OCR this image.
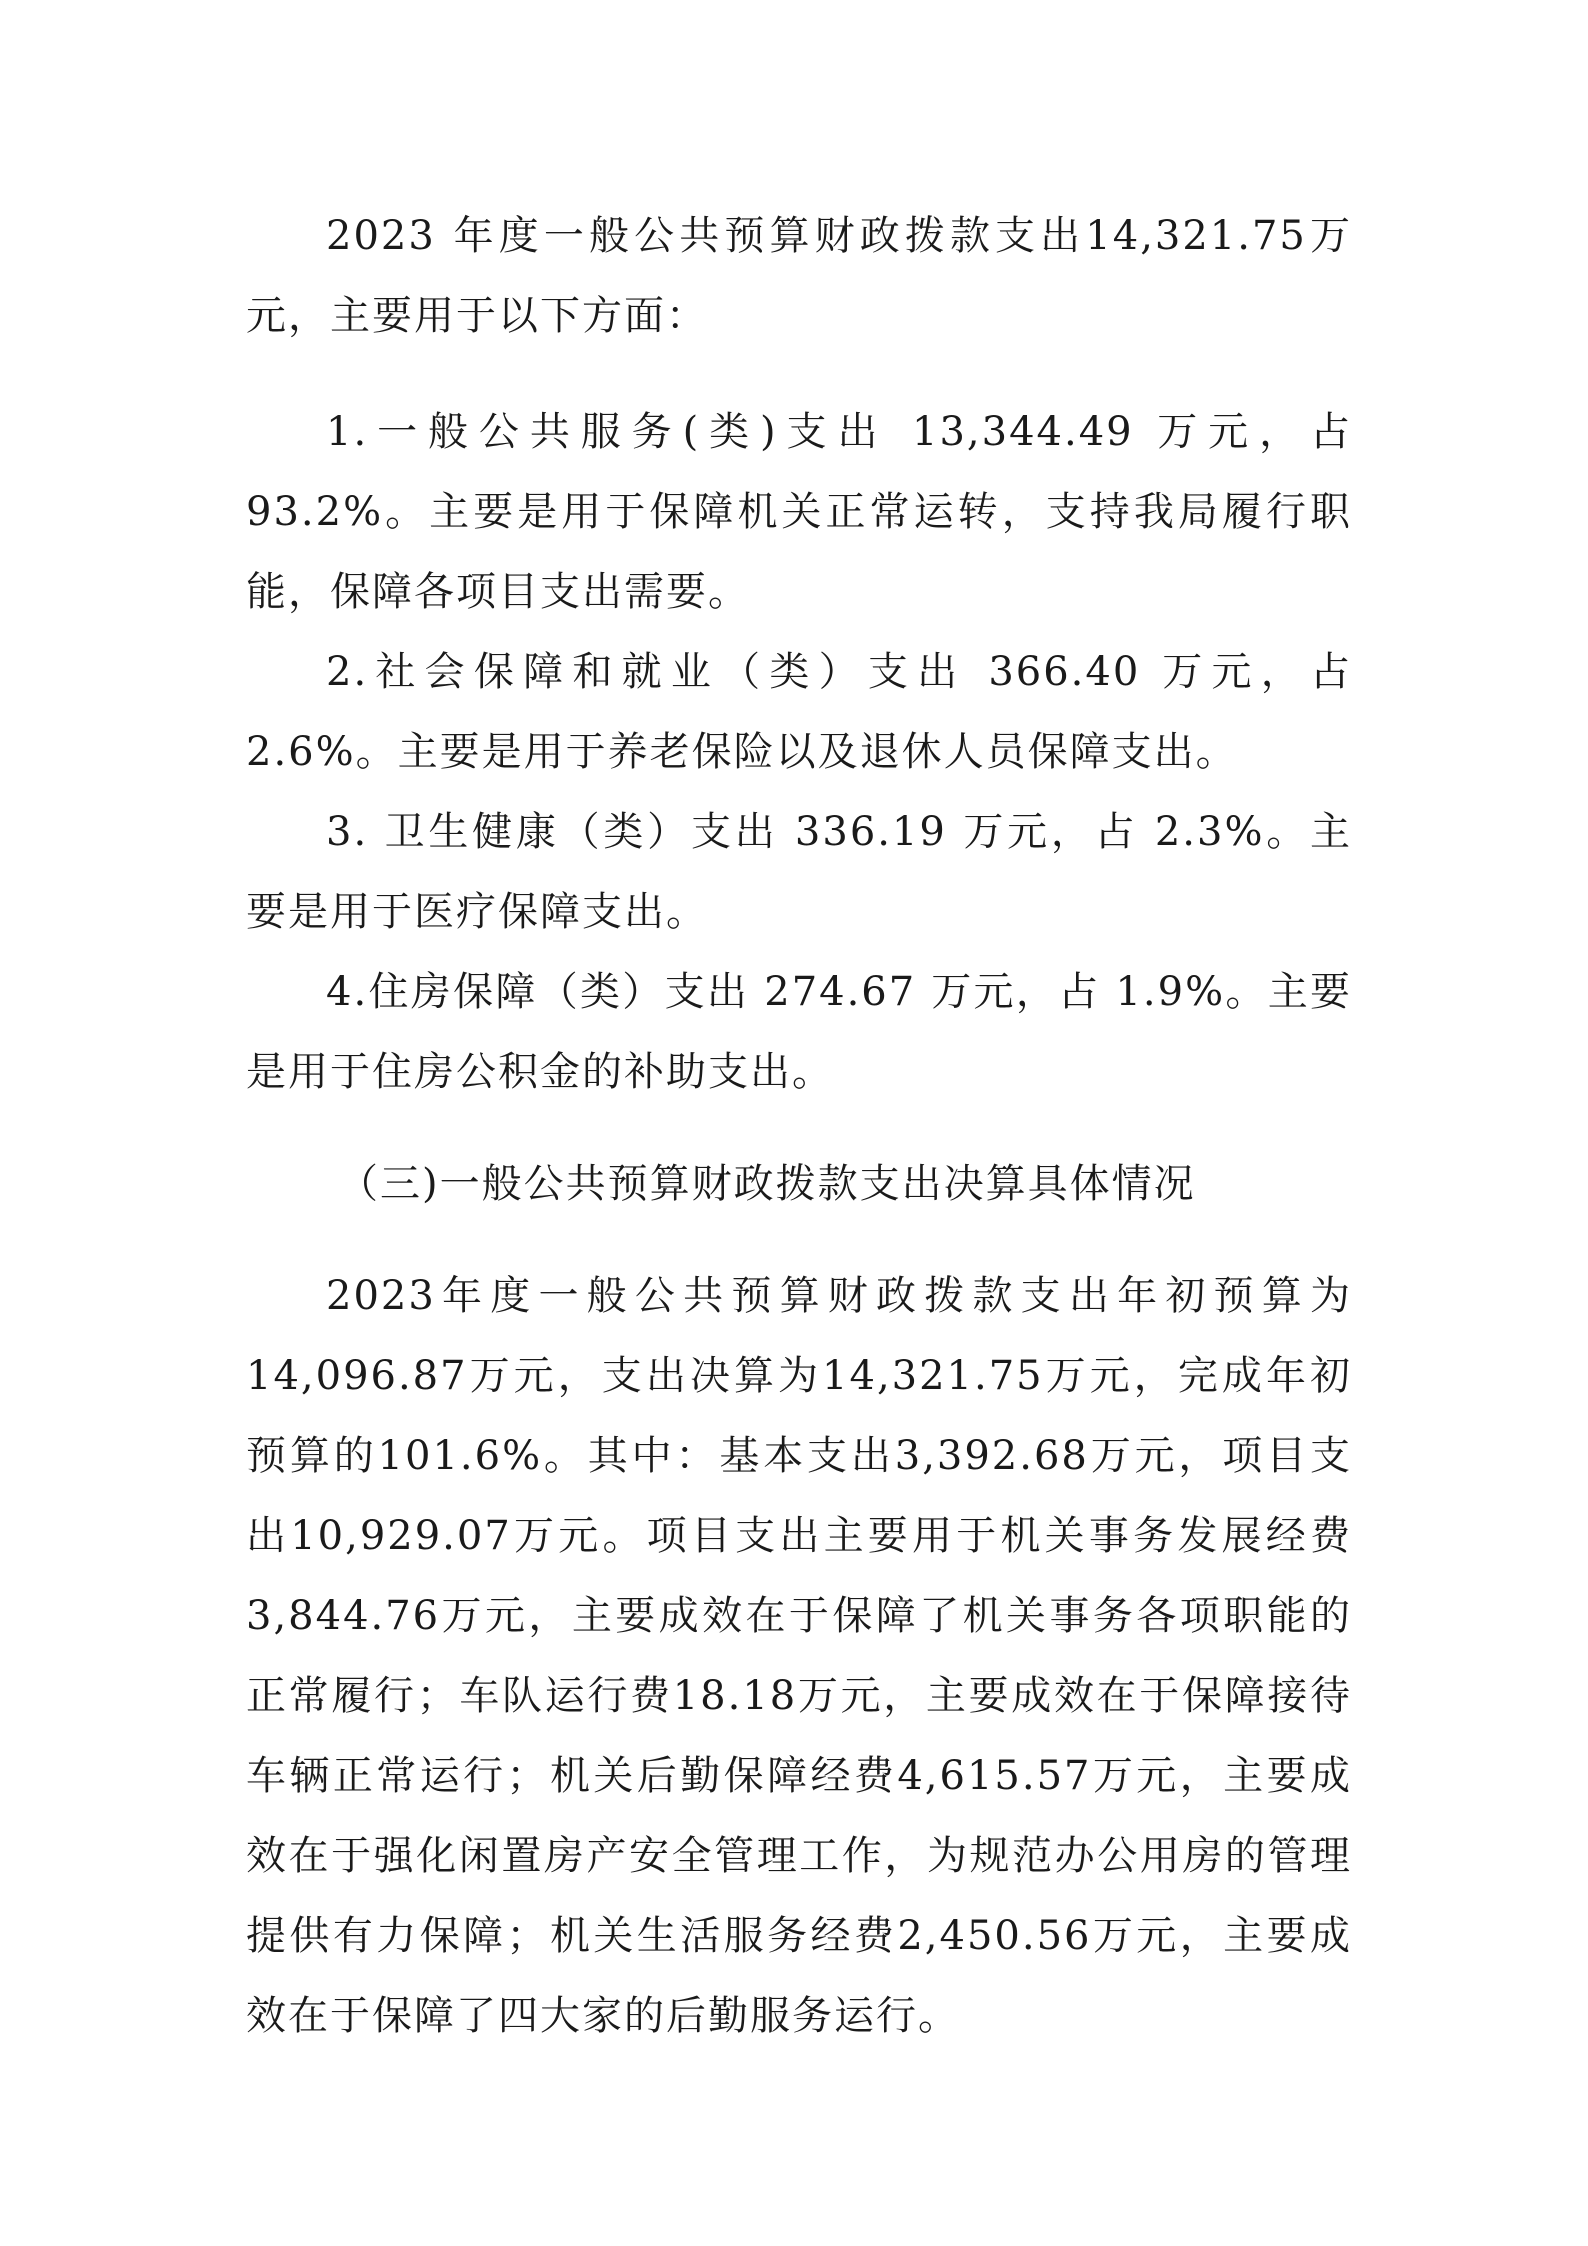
2023 年度一般公共预算财政拨款支出14,321.75万元，主要用于以下方面：

1.一般公共服务(类)支出 13,344.49 万元，占 93.2%。主要是用于保障机关正常运转，支持我局履行职能，保障各项目支出需要。

2.社会保障和就业（类）支出 366.40 万元，占 2.6%。主要是用于养老保险以及退休人员保障支出。

3. 卫生健康（类）支出 336.19 万元，占 2.3%。主要是用于医疗保障支出。

4.住房保障（类）支出 274.67 万元，占 1.9%。主要是用于住房公积金的补助支出。

（三)一般公共预算财政拨款支出决算具体情况

2023年度一般公共预算财政拨款支出年初预算为14,096.87万元，支出决算为14,321.75万元，完成年初预算的101.6%。其中：基本支出3,392.68万元，项目支出10,929.07万元。项目支出主要用于机关事务发展经费3,844.76万元，主要成效在于保障了机关事务各项职能的正常履行；车队运行费18.18万元，主要成效在于保障接待车辆正常运行；机关后勤保障经费4,615.57万元，主要成效在于强化闲置房产安全管理工作，为规范办公用房的管理提供有力保障；机关生活服务经费2,450.56万元，主要成效在于保障了四大家的后勤服务运行。
